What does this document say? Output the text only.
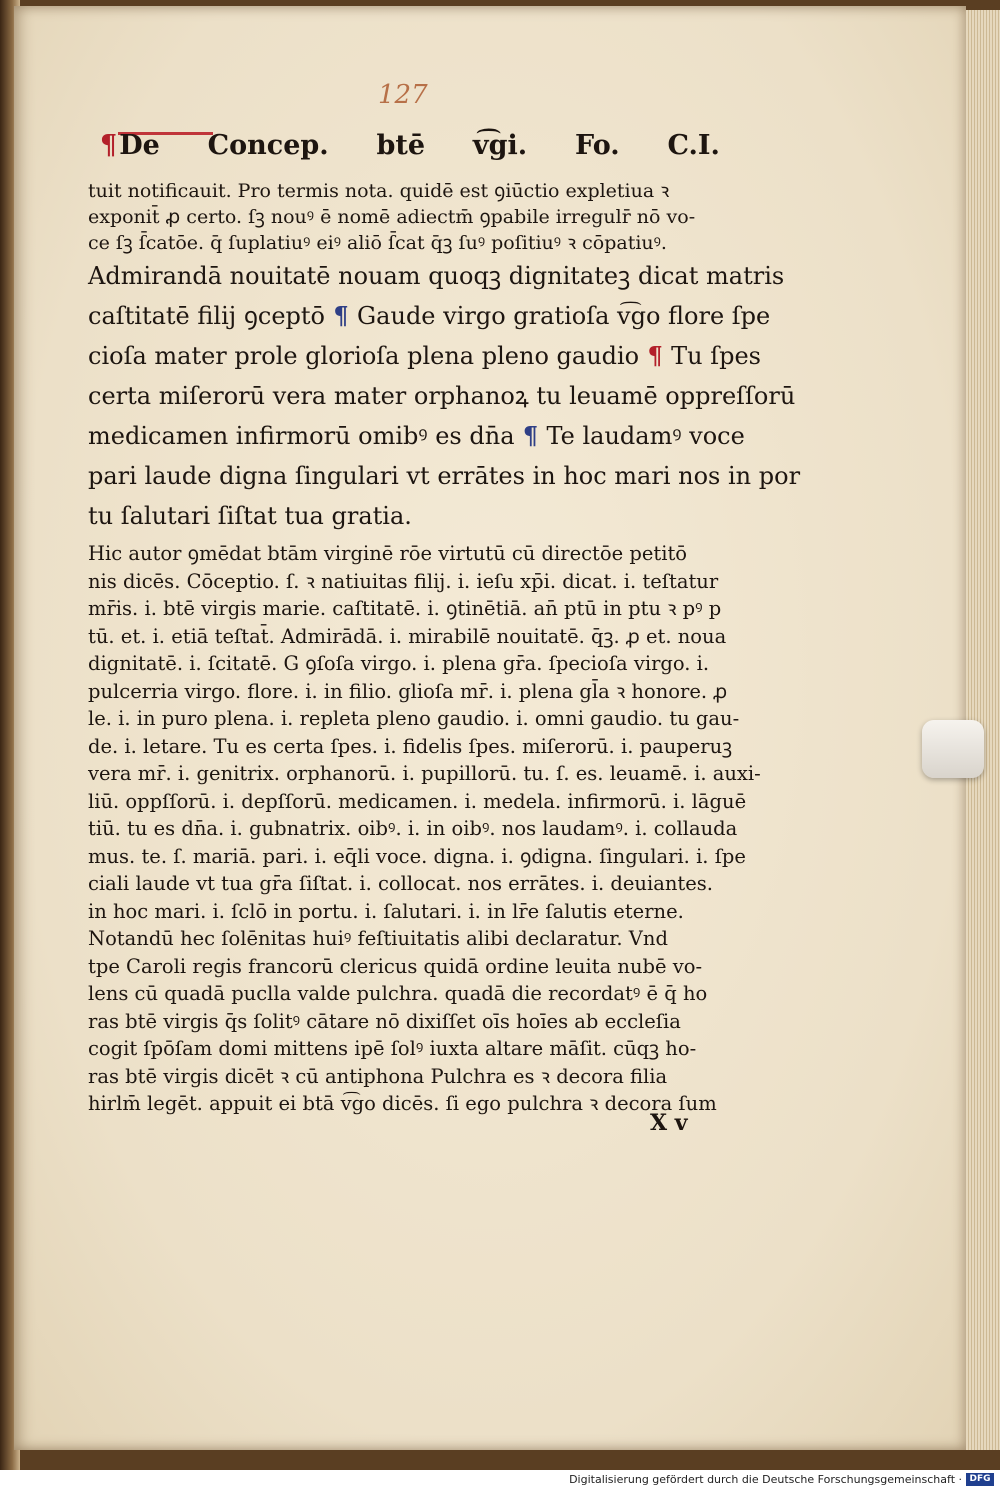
127
¶De Concep. btē v͡gi. Fo. C.I.
tuit notificauit. Pro termis nota. quidē est ꝯiūctio expletiua ꝛ
exponit̄ ꝓ certo. ſꝫ nouꝰ ē nomē adiectm̄ ꝯpabile irregulr̄ nō vo-
ce ſꝫ ſ̄catōe. q̄ ſuplatiuꝰ eiꝰ aliō ſ̄cat q̄ꝫ ſuꝰ poſitiuꝰ ꝛ cōpatiuꝰ.
Admirandā nouitatē nouam quoqꝫ dignitateꝫ dicat matris
caſtitatē filij ꝯceptō ¶ Gaude virgo gratioſa v͡go flore ſpe
cioſa mater prole glorioſa plena pleno gaudio ¶ Tu ſpes
certa miſerorū vera mater orphanoꝝ tu leuamē oppreſſorū
medicamen infirmorū omibꝰ es dn̄a ¶ Te laudamꝰ voce
pari laude digna ſingulari vt errātes in hoc mari nos in por
tu ſalutari ſiſtat tua gratia.
Hic autor ꝯmēdat btām virginē rōe virtutū cū directōe petitō
nis dicēs. Cōceptio. ſ. ꝛ natiuitas filij. i. ieſu xp̄i. dicat. i. teſtatur
mr̄is. i. btē virgis marie. caſtitatē. i. ꝯtinētiā. an̄ ptū in ptu ꝛ pꝰ p
tū. et. i. etiā teſtat̄. Admirādā. i. mirabilē nouitatē. q̄ꝫ. ꝓ et. noua
dignitatē. i. ſcitatē. G ꝯſoſa virgo. i. plena gr̄a. ſpecioſa virgo. i.
pulcerria virgo. flore. i. in filio. glioſa mr̄. i. plena gl̄a ꝛ honore. ꝓ
le. i. in puro plena. i. repleta pleno gaudio. i. omni gaudio. tu gau-
de. i. letare. Tu es certa ſpes. i. fidelis ſpes. miſerorū. i. pauperuꝫ
vera mr̄. i. genitrix. orphanorū. i. pupillorū. tu. ſ. es. leuamē. i. auxi-
liū. oppſſorū. i. depſſorū. medicamen. i. medela. infirmorū. i. lāguē
tiū. tu es dn̄a. i. gubnatrix. oibꝰ. i. in oibꝰ. nos laudamꝰ. i. collauda
mus. te. ſ. mariā. pari. i. eq̄li voce. digna. i. ꝯdigna. ſingulari. i. ſpe
ciali laude vt tua gr̄a ſiſtat. i. collocat. nos errātes. i. deuiantes.
in hoc mari. i. ſclō in portu. i. ſalutari. i. in lr̄e ſalutis eterne.
Notandū hec ſolēnitas huiꝰ feſtiuitatis alibi declaratur. Vnd
tpe Caroli regis francorū clericus quidā ordine leuita nubē vo-
lens cū quadā puclla valde pulchra. quadā die recordatꝰ ē q̄ ho
ras btē virgis q̄s ſolitꝰ cātare nō dixiſſet oīs hoīes ab eccleſia
cogit ſpōſam domi mittens ipē ſolꝰ iuxta altare māſit. cūqꝫ ho-
ras btē virgis dicēt ꝛ cū antiphona Pulchra es ꝛ decora filia
hirlm̄ legēt. appuit ei btā v͡go dicēs. ſi ego pulchra ꝛ decora ſum
X v
Digitalisierung gefördert durch die Deutsche Forschungsgemeinschaft · DFG
